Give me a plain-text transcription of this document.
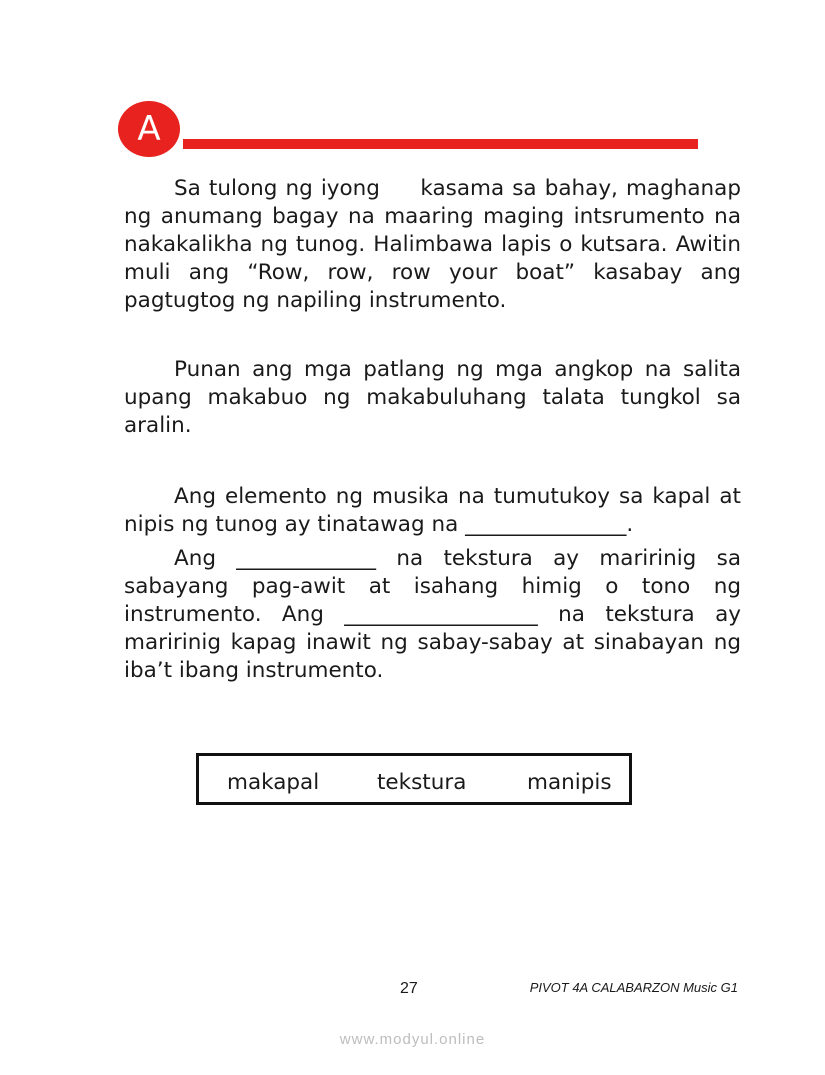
A

Sa tulong ng iyong     kasama sa bahay, maghanap ng anumang bagay na maaring maging intsrumento na nakakalikha ng tunog. Halimbawa lapis o kutsara. Awitin muli ang “Row, row, row your boat” kasabay ang pagtugtog ng napiling instrumento.

Punan ang mga patlang ng mga angkop na salita upang makabuo ng makabuluhang talata tungkol sa aralin.

Ang elemento ng musika na tumutukoy sa kapal at nipis ng tunog ay tinatawag na _______________.

Ang _____________ na tekstura ay maririnig sa sabayang pag-awit at isahang himig o tono ng instrumento. Ang __________________ na tekstura ay maririnig kapag inawit ng sabay-sabay at sinabayan ng iba’t ibang instrumento.

makapal	tekstura	manipis
27	PIVOT 4A CALABARZON Music G1
www.modyul.online
